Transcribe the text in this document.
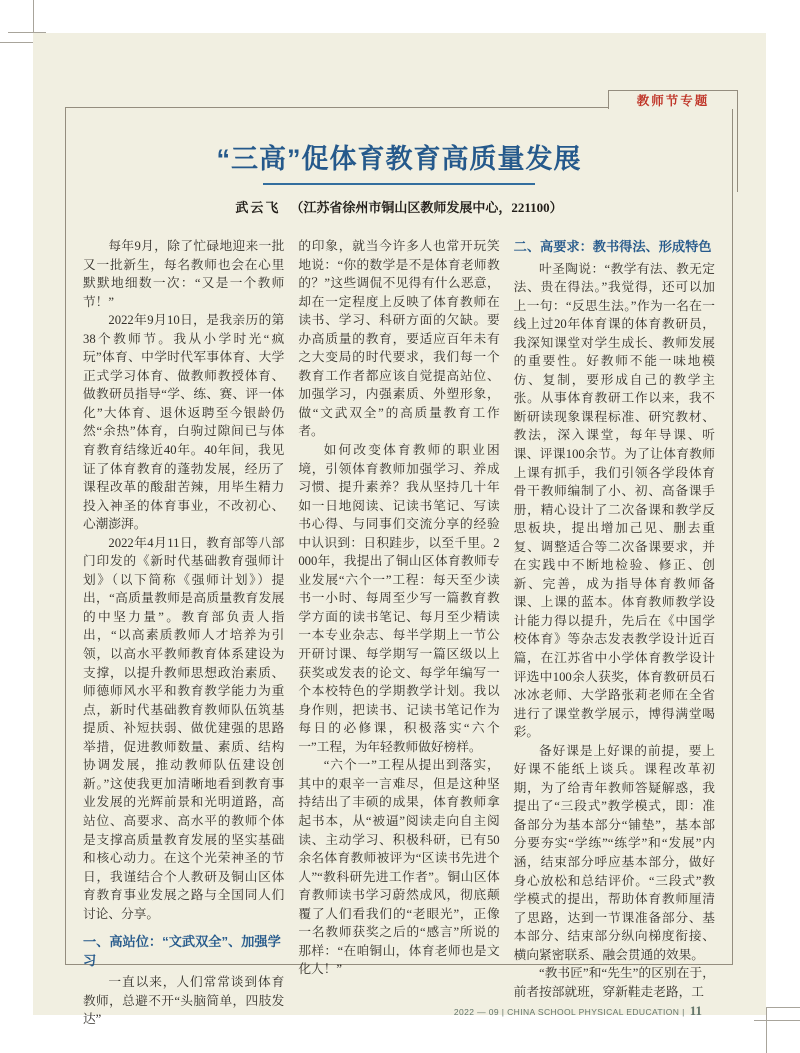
教师节专题
“三高”促体育教育高质量发展
武云飞 （江苏省徐州市铜山区教师发展中心，221100）

每年9月，除了忙碌地迎来一批又一批新生，每名教师也会在心里默默地细数一次：“又是一个教师节！”

2022年9月10日，是我亲历的第38个教师节。我从小学时光“疯玩”体育、中学时代军事体育、大学正式学习体育、做教师教授体育、做教研员指导“学、练、赛、评一体化”大体育、退休返聘至今银龄仍然“余热”体育，白驹过隙间已与体育教育结缘近40年。40年间，我见证了体育教育的蓬勃发展，经历了课程改革的酸甜苦辣，用毕生精力投入神圣的体育事业，不改初心、心潮澎湃。

2022年4月11日，教育部等八部门印发的《新时代基础教育强师计划》（以下简称《强师计划》）提出，“高质量教师是高质量教育发展的中坚力量”。教育部负责人指出，“以高素质教师人才培养为引领，以高水平教师教育体系建设为支撑，以提升教师思想政治素质、师德师风水平和教育教学能力为重点，新时代基础教育教师队伍筑基提质、补短扶弱、做优建强的思路举措，促进教师数量、素质、结构协调发展，推动教师队伍建设创新。”这使我更加清晰地看到教育事业发展的光辉前景和光明道路，高站位、高要求、高水平的教师个体是支撑高质量教育发展的坚实基础和核心动力。在这个光荣神圣的节日，我谨结合个人教研及铜山区体育教育事业发展之路与全国同人们讨论、分享。

一、高站位：“文武双全”、加强学习

一直以来，人们常常谈到体育教师，总避不开“头脑简单，四肢发达”

的印象，就当今许多人也常开玩笑地说：“你的数学是不是体育老师教的？”这些调侃不见得有什么恶意，却在一定程度上反映了体育教师在读书、学习、科研方面的欠缺。要办高质量的教育，要适应百年未有之大变局的时代要求，我们每一个教育工作者都应该自觉提高站位、加强学习，内强素质、外塑形象，做“文武双全”的高质量教育工作者。

如何改变体育教师的职业困境，引领体育教师加强学习、养成习惯、提升素养？我从坚持几十年如一日地阅读、记读书笔记、写读书心得、与同事们交流分享的经验中认识到：日积跬步，以至千里。2000年，我提出了铜山区体育教师专业发展“六个一”工程：每天至少读书一小时、每周至少写一篇教育教学方面的读书笔记、每月至少精读一本专业杂志、每半学期上一节公开研讨课、每学期写一篇区级以上获奖或发表的论文、每学年编写一个本校特色的学期教学计划。我以身作则，把读书、记读书笔记作为每日的必修课，积极落实“六个一”工程，为年轻教师做好榜样。

“六个一”工程从提出到落实，其中的艰辛一言难尽，但是这种坚持结出了丰硕的成果，体育教师拿起书本，从“被逼”阅读走向自主阅读、主动学习、积极科研，已有50余名体育教师被评为“区读书先进个人”“教科研先进工作者”。铜山区体育教师读书学习蔚然成风，彻底颠覆了人们看我们的“老眼光”，正像一名教师获奖之后的“感言”所说的那样：“在咱铜山，体育老师也是文化人！”

二、高要求：教书得法、形成特色

叶圣陶说：“教学有法、教无定法、贵在得法。”我觉得，还可以加上一句：“反思生法。”作为一名在一线上过20年体育课的体育教研员，我深知课堂对学生成长、教师发展的重要性。好教师不能一味地模仿、复制，要形成自己的教学主张。从事体育教研工作以来，我不断研读现象课程标准、研究教材、教法，深入课堂，每年导课、听课、评课100余节。为了让体育教师上课有抓手，我们引领各学段体育骨干教师编制了小、初、高备课手册，精心设计了二次备课和教学反思板块，提出增加己见、删去重复、调整适合等二次备课要求，并在实践中不断地检验、修正、创新、完善，成为指导体育教师备课、上课的蓝本。体育教师教学设计能力得以提升，先后在《中国学校体育》等杂志发表教学设计近百篇，在江苏省中小学体育教学设计评选中100余人获奖，体育教研员石冰冰老师、大学路张莉老师在全省进行了课堂教学展示，博得满堂喝彩。

备好课是上好课的前提，要上好课不能纸上谈兵。课程改革初期，为了给青年教师答疑解惑，我提出了“三段式”教学模式，即：准备部分为基本部分“铺垫”，基本部分要夯实“学练”“练学”和“发展”内涵，结束部分呼应基本部分，做好身心放松和总结评价。“三段式”教学模式的提出，帮助体育教师厘清了思路，达到一节课准备部分、基本部分、结束部分纵向梯度衔接、横向紧密联系、融会贯通的效果。

“教书匠”和“先生”的区别在于，前者按部就班，穿新鞋走老路，工

2022 — 09 | CHINA SCHOOL PHYSICAL EDUCATION | 11
